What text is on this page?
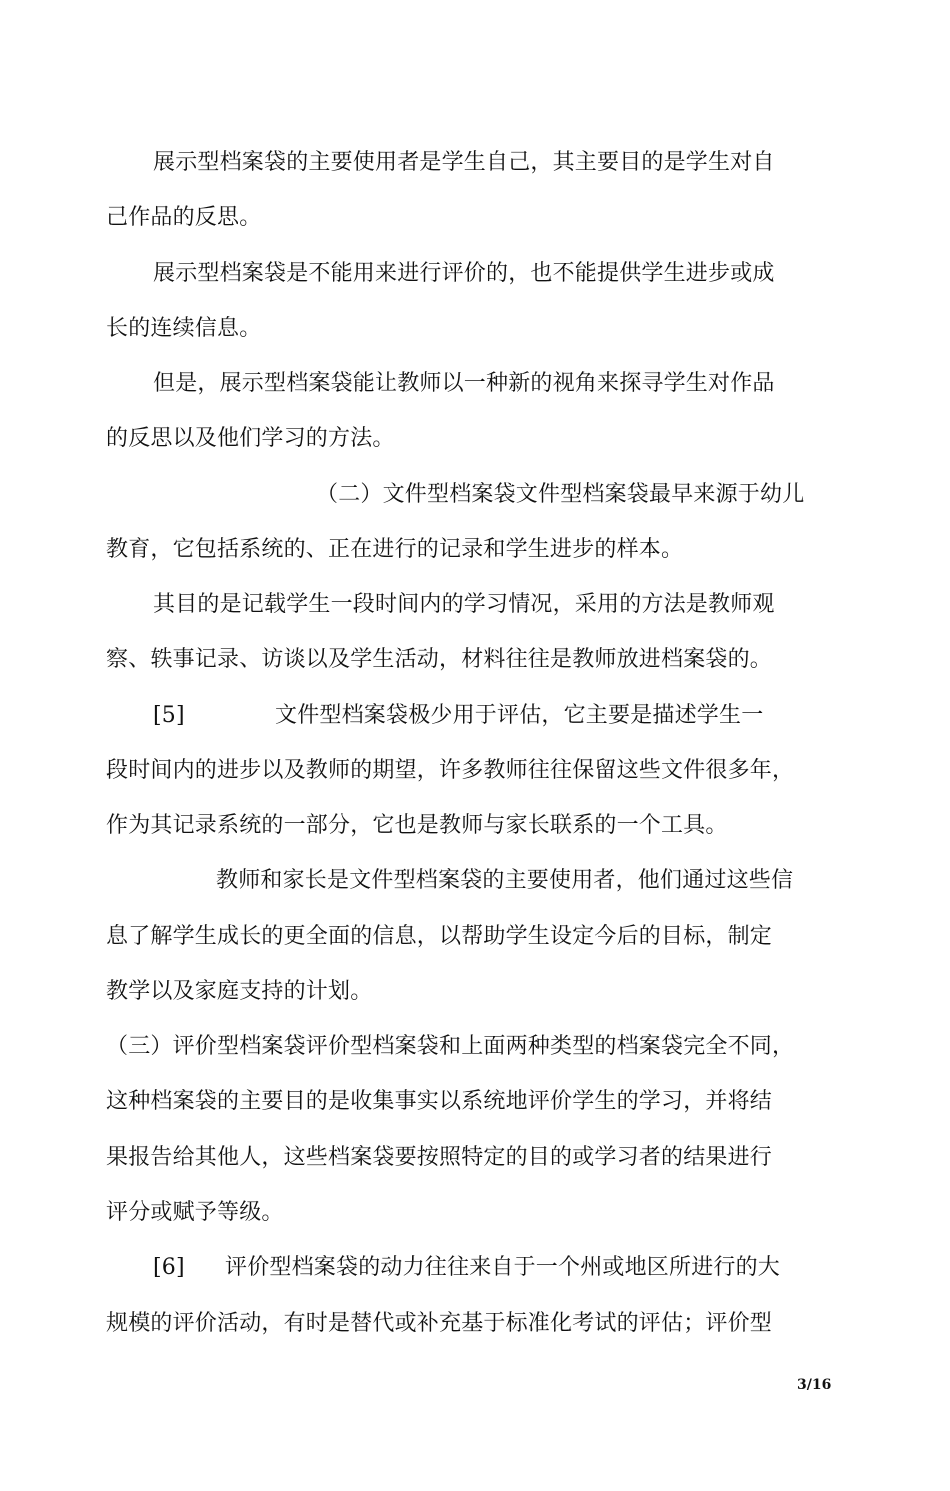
展示型档案袋的主要使用者是学生自己，其主要目的是学生对自
己作品的反思。
展示型档案袋是不能用来进行评价的，也不能提供学生进步或成
长的连续信息。
但是，展示型档案袋能让教师以一种新的视角来探寻学生对作品
的反思以及他们学习的方法。
（二）文件型档案袋文件型档案袋最早来源于幼儿
教育，它包括系统的、正在进行的记录和学生进步的样本。
其目的是记载学生一段时间内的学习情况，采用的方法是教师观
察、轶事记录、访谈以及学生活动，材料往往是教师放进档案袋的。
[5]	文件型档案袋极少用于评估，它主要是描述学生一
段时间内的进步以及教师的期望，许多教师往往保留这些文件很多年，
作为其记录系统的一部分，它也是教师与家长联系的一个工具。
教师和家长是文件型档案袋的主要使用者，他们通过这些信
息了解学生成长的更全面的信息，以帮助学生设定今后的目标，制定
教学以及家庭支持的计划。
（三）评价型档案袋评价型档案袋和上面两种类型的档案袋完全不同，
这种档案袋的主要目的是收集事实以系统地评价学生的学习，并将结
果报告给其他人，这些档案袋要按照特定的目的或学习者的结果进行
评分或赋予等级。
[6] 评价型档案袋的动力往往来自于一个州或地区所进行的大
规模的评价活动，有时是替代或补充基于标准化考试的评估；评价型
3/16
